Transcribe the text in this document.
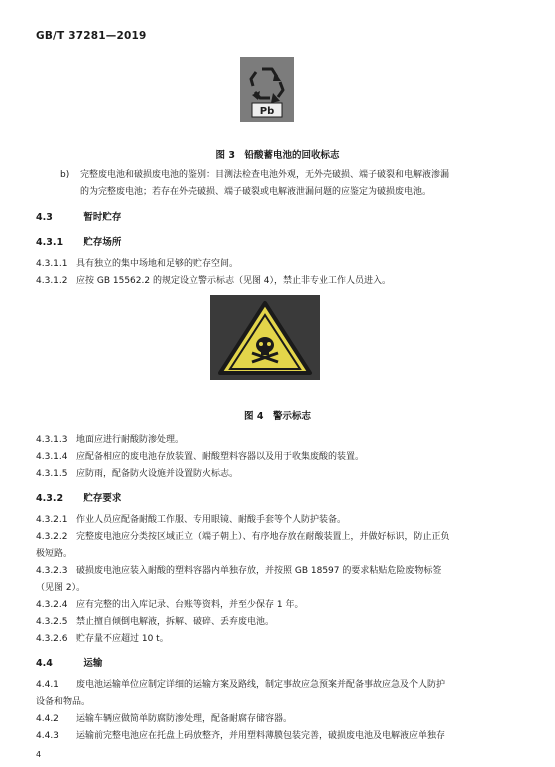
GB/T 37281—2019
Pb
图 3　铅酸蓄电池的回收标志
b) 完整废电池和破损废电池的鉴别：目测法检查电池外观，无外壳破损、端子破裂和电解液渗漏
的为完整废电池；若存在外壳破损、端子破裂或电解液泄漏问题的应鉴定为破损废电池。
4.3	暂时贮存
4.3.1 贮存场所
4.3.1.1 具有独立的集中场地和足够的贮存空间。
4.3.1.2 应按 GB 15562.2 的规定设立警示标志（见图 4），禁止非专业工作人员进入。
图 4　警示标志
4.3.1.3 地面应进行耐酸防渗处理。
4.3.1.4 应配备相应的废电池存放装置、耐酸塑料容器以及用于收集废酸的装置。
4.3.1.5 应防雨，配备防火设施并设置防火标志。
4.3.2 贮存要求
4.3.2.1 作业人员应配备耐酸工作服、专用眼镜、耐酸手套等个人防护装备。
4.3.2.2 完整废电池应分类按区域正立（端子朝上）、有序地存放在耐酸装置上，并做好标识，防止正负
极短路。
4.3.2.3 破损废电池应装入耐酸的塑料容器内单独存放，并按照 GB 18597 的要求粘贴危险废物标签
（见图 2）。
4.3.2.4 应有完整的出入库记录、台账等资料，并至少保存 1 年。
4.3.2.5 禁止擅自倾倒电解液，拆解、破碎、丢弃废电池。
4.3.2.6 贮存量不应超过 10 t。
4.4	运输
4.4.1 废电池运输单位应制定详细的运输方案及路线，制定事故应急预案并配备事故应急及个人防护
设备和物品。
4.4.2 运输车辆应做简单防腐防渗处理，配备耐腐存储容器。
4.4.3 运输前完整电池应在托盘上码放整齐，并用塑料薄膜包装完善，破损废电池及电解液应单独存
4
